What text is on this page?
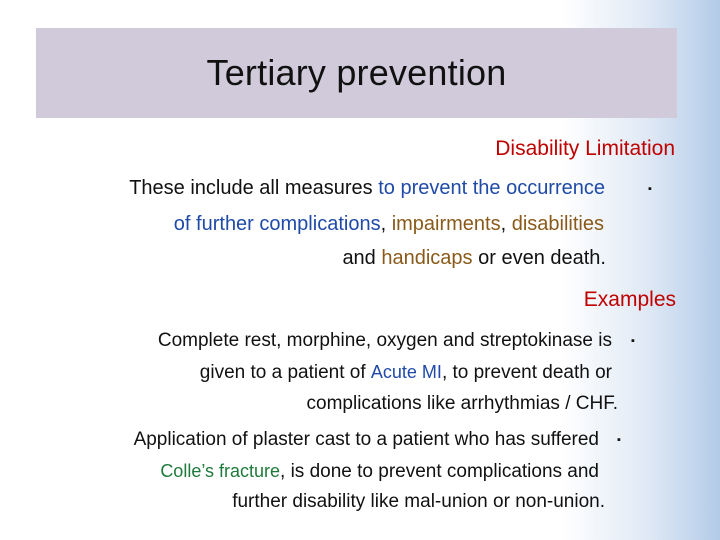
Tertiary prevention
Disability Limitation
These include all measures to prevent the occurrence	▪
of further complications, impairments, disabilities
and handicaps or even death.
Examples
Complete rest, morphine, oxygen and streptokinase is ▪
given to a patient of Acute MI, to prevent death or
complications like arrhythmias / CHF.
Application of plaster cast to a patient who has suffered ▪
Colle’s fracture, is done to prevent complications and
further disability like mal-union or non-union.
